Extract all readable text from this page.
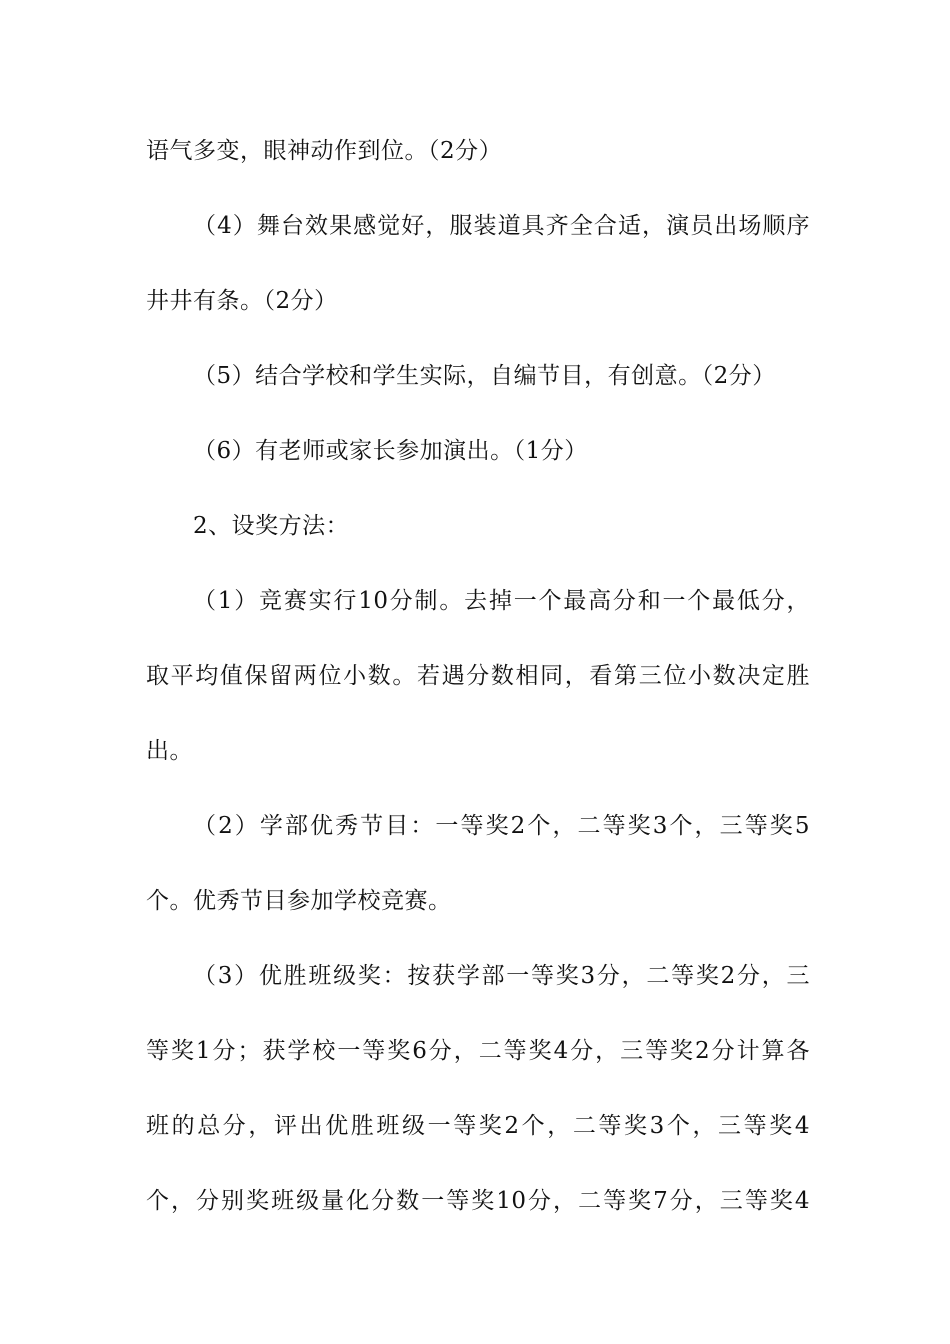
语气多变，眼神动作到位。（2分）
（4）舞台效果感觉好，服装道具齐全合适，演员出场顺序
井井有条。（2分）
（5）结合学校和学生实际，自编节目，有创意。（2分）
（6）有老师或家长参加演出。（1分）
2、设奖方法：
（1）竞赛实行10分制。去掉一个最高分和一个最低分，
取平均值保留两位小数。若遇分数相同，看第三位小数决定胜
出。
（2）学部优秀节目：一等奖2个，二等奖3个，三等奖5
个。优秀节目参加学校竞赛。
（3）优胜班级奖：按获学部一等奖3分，二等奖2分，三
等奖1分；获学校一等奖6分，二等奖4分，三等奖2分计算各
班的总分，评出优胜班级一等奖2个，二等奖3个，三等奖4
个，分别奖班级量化分数一等奖10分，二等奖7分，三等奖4
